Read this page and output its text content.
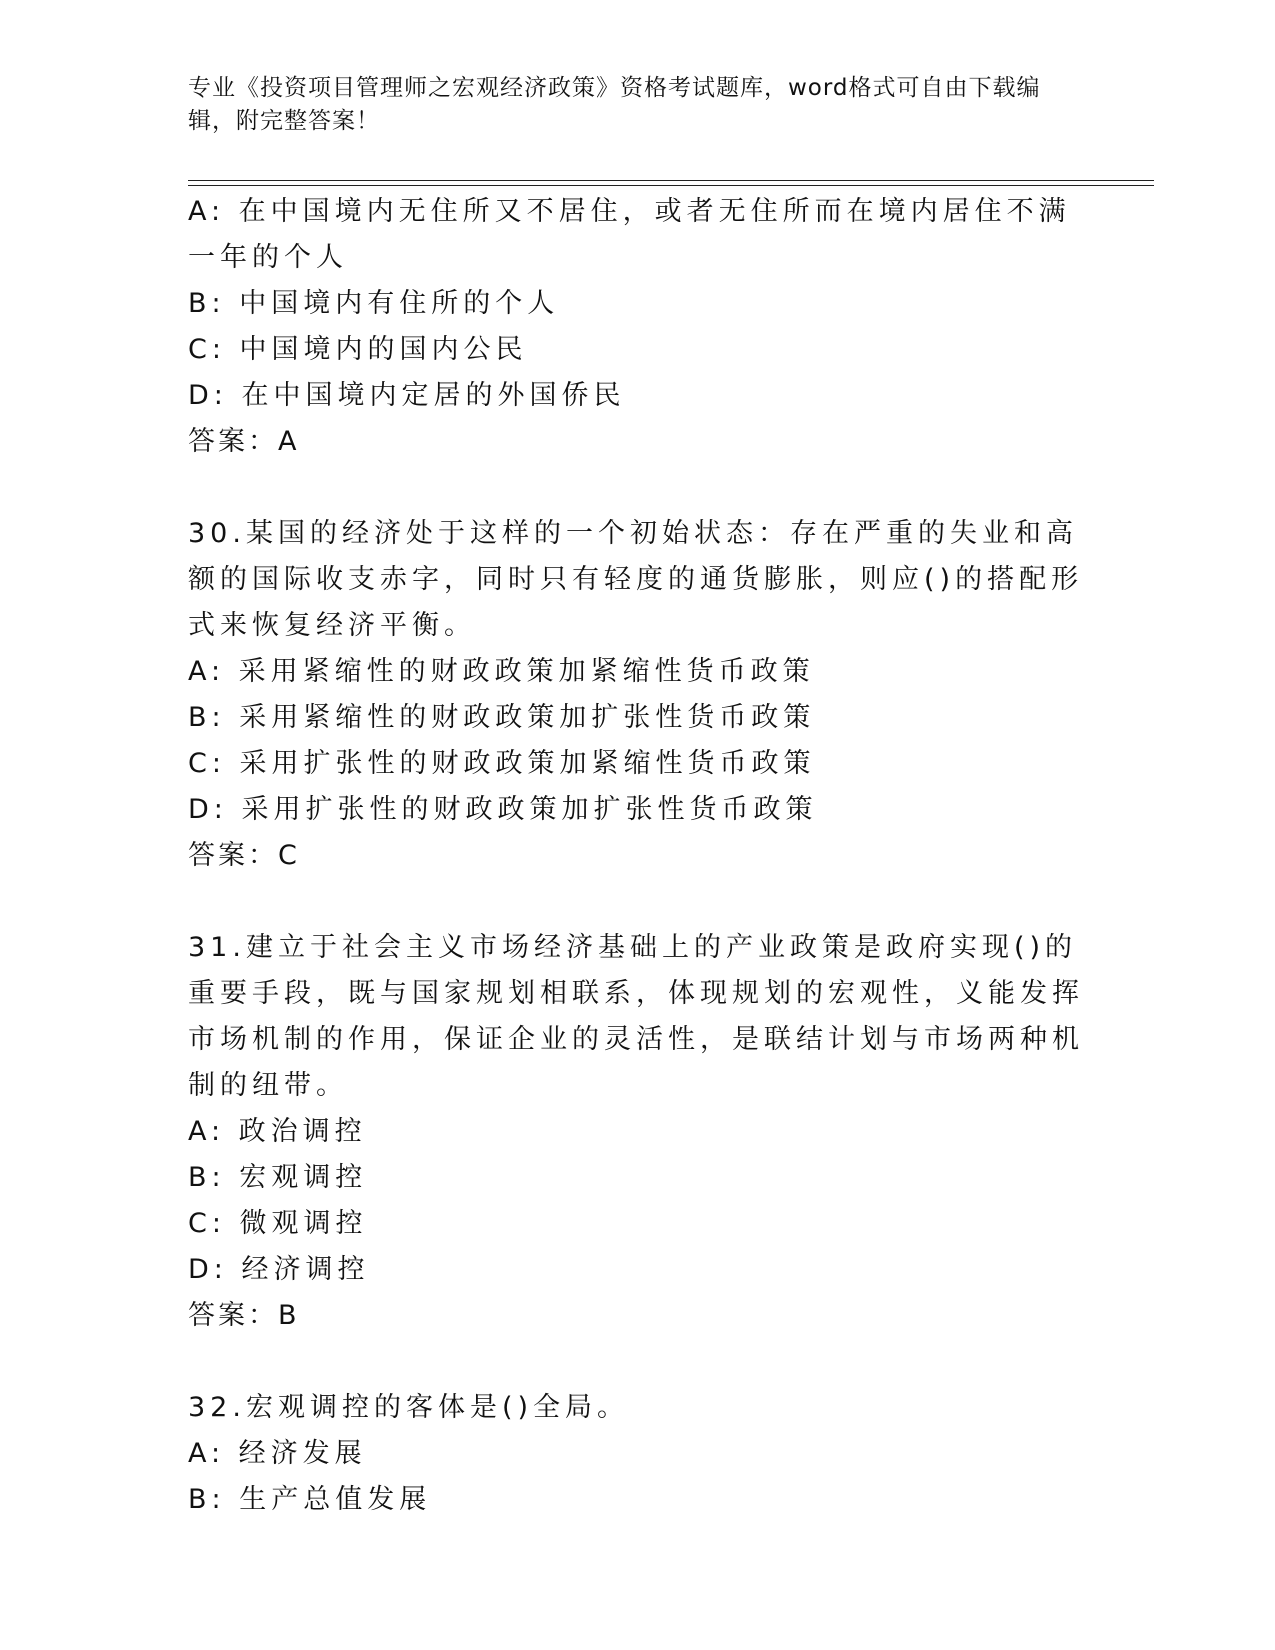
专业《投资项目管理师之宏观经济政策》资格考试题库，word格式可自由下载编辑，附完整答案！
A: 在中国境内无住所又不居住，或者无住所而在境内居住不满一年的个人
B: 中国境内有住所的个人
C: 中国境内的国内公民
D: 在中国境内定居的外国侨民
答案：A
30.某国的经济处于这样的一个初始状态：存在严重的失业和高额的国际收支赤字，同时只有轻度的通货膨胀，则应()的搭配形式来恢复经济平衡。
A: 采用紧缩性的财政政策加紧缩性货币政策
B: 采用紧缩性的财政政策加扩张性货币政策
C: 采用扩张性的财政政策加紧缩性货币政策
D: 采用扩张性的财政政策加扩张性货币政策
答案：C
31.建立于社会主义市场经济基础上的产业政策是政府实现()的重要手段，既与国家规划相联系，体现规划的宏观性，义能发挥市场机制的作用，保证企业的灵活性，是联结计划与市场两种机制的纽带。
A: 政治调控
B: 宏观调控
C: 微观调控
D: 经济调控
答案：B
32.宏观调控的客体是()全局。
A: 经济发展
B: 生产总值发展
